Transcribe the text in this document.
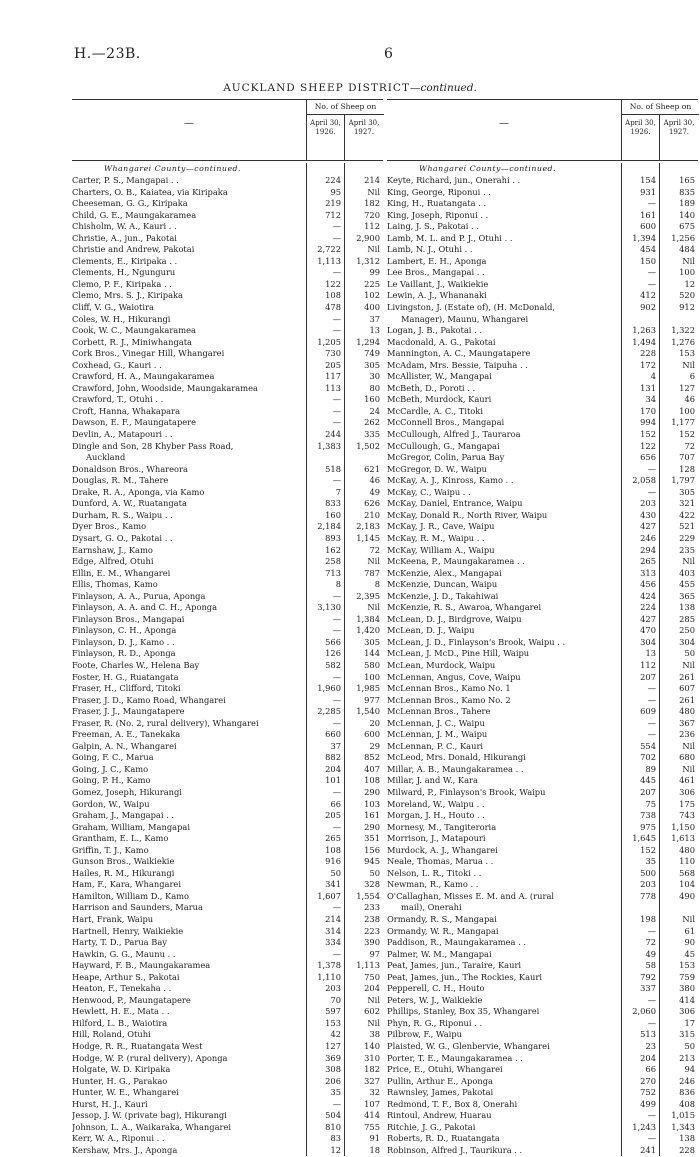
H.—23B.	6
AUCKLAND SHEEP DISTRICT—continued.
—
No. of Sheep on
April 30,
1926.
April 30,
1927.
Whangarei County—continued.
Carter, P. S., Mangapai . .	224	214
Charters, O. B., Kaiatea, via Kiripaka	95	Nil
Cheeseman, G. G., Kiripaka	219	182
Child, G. E., Maungakaramea	712	720
Chisholm, W. A., Kauri . .	—	112
Christie, A., jun., Pakotai	—	2,900
Christie and Andrew, Pakotai	2,722	Nil
Clements, E., Kiripaka . .	1,113	1,312
Clements, H., Ngunguru	—	99
Clemo, P. F., Kiripaka . .	122	225
Clemo, Mrs. S. J., Kiripaka	108	102
Cliff, V. G., Waiotira	478	400
Coles, W. H., Hikurangi	—	37
Cook, W. C., Maungakaramea	—	13
Corbett, R. J., Miniwhangata	1,205	1,294
Cork Bros., Vinegar Hill, Whangarei	730	749
Coxhead, G., Kauri . .	205	305
Crawford, H. A., Maungakaramea	117	30
Crawford, John, Woodside, Maungakaramea	113	80
Crawford, T., Otuhi . .	—	160
Croft, Hanna, Whakapara	—	24
Dawson, E. F., Maungatapere	—	262
Devlin, A., Matapouri . .	244	335
Dingle and Son, 28 Khyber Pass Road,	1,383	1,502
Auckland
Donaldson Bros., Whareora	518	621
Douglas, R. M., Tahere	—	46
Drake, R. A., Aponga, via Kamo	7	49
Dunford, A. W., Ruatangata	833	626
Durham, R. S., Waipu . .	160	210
Dyer Bros., Kamo	2,184	2,183
Dysart, G. O., Pakotai . .	893	1,145
Earnshaw, J., Kamo	162	72
Edge, Alfred, Otuhi	258	Nil
Ellin, E. M., Whangarei	713	787
Ellis, Thomas, Kamo	8	8
Finlayson, A. A., Purua, Aponga	—	2,395
Finlayson, A. A. and C. H., Aponga	3,130	Nil
Finlayson Bros., Mangapai	—	1,384
Finlayson, C. H., Aponga	—	1,420
Finlayson, D. J., Kamo . .	566	305
Finlayson, R. D., Aponga	126	144
Foote, Charles W., Helena Bay	582	580
Foster, H. G., Ruatangata	—	100
Fraser, H., Clifford, Titoki	1,960	1,985
Fraser, J. D., Kamo Road, Whangarei	—	977
Fraser, J. J., Maungatapere	2,285	1,540
Fraser, R. (No. 2, rural delivery), Whangarei	—	20
Freeman, A. E., Tanekaka	660	600
Galpin, A. N., Whangarei	37	29
Going, F. C., Marua	882	852
Going, J. C., Kamo	204	407
Going, P. H., Kamo	101	108
Gomez, Joseph, Hikurangi	—	290
Gordon, W., Waipu	66	103
Graham, J., Mangapai . .	205	161
Graham, William, Mangapai	—	290
Grantham, E. L., Kamo	265	351
Griffin, T. J., Kamo	108	156
Gunson Bros., Waikiekie	916	945
Hailes, R. M., Hikurangi	50	50
Ham, F., Kara, Whangarei	341	328
Hamilton, William D., Kamo	1,607	1,554
Harrison and Saunders, Marua	—	233
Hart, Frank, Waipu	214	238
Hartnell, Henry, Waikiekie	314	223
Harty, T. D., Parua Bay	334	390
Hawkin, G. G., Maunu . .	—	97
Hayward, F. B., Maungakaramea	1,378	1,113
Heape, Arthur S., Pakotai	1,110	750
Heaton, F., Tenekaha . .	203	204
Henwood, P., Maungatapere	70	Nil
Hewlett, H. E., Mata . .	597	602
Hilford, L. B., Waiotira	153	Nil
Hill, Roland, Otuhi	42	38
Hodge, R. R., Ruatangata West	127	140
Hodge, W. P. (rural delivery), Aponga	369	310
Holgate, W. D. Kiripaka	308	182
Hunter, H. G., Parakao	206	327
Hunter, W. E., Whangarei	35	32
Hurst, H. J., Kauri	—	107
Jessop, J. W. (private bag), Hikurangi	504	414
Johnson, L. A., Waikaraka, Whangarei	810	755
Kerr, W. A., Riponui . .	83	91
Kershaw, Mrs. J., Aponga	12	18
—
No. of Sheep on
April 30,
1926.
April 30,
1927.
Whangarei County—continued.
Keyte, Richard, jun., Onerahi . .	154	165
King, George, Riponui . .	931	835
King, H., Ruatangata . .	—	189
King, Joseph, Riponui . .	161	140
Laing, J. S., Pakotai . .	600	675
Lamb, M. L. and P. J., Otuhi . .	1,394	1,256
Lamb, N. J., Otuhi . .	454	484
Lambert, E. H., Aponga	150	Nil
Lee Bros., Mangapai . .	—	100
Le Vaillant, J., Waikiekie	—	12
Lewin, A. J., Whananaki	412	520
Livingston, J. (Estate of), (H. McDonald,	902	912
Manager), Maunu, Whangarei
Logan, J. B., Pakotai . .	1,263	1,322
Macdonald, A. G., Pakotai	1,494	1,276
Mannington, A. C., Maungatapere	228	153
McAdam, Mrs. Bessie, Taipuha . .	172	Nil
McAllister, W., Mangapai	4	6
McBeth, D., Poroti . .	131	127
McBeth, Murdock, Kauri	34	46
McCardle, A. C., Titoki	170	100
McConnell Bros., Mangapai	994	1,177
McCullough, Alfred J., Tauraroa	152	152
McCullough, G., Mangapai	122	72
McGregor, Colin, Parua Bay	656	707
McGregor, D. W., Waipu	—	128
McKay, A. J., Kinross, Kamo . .	2,058	1,797
McKay, C., Waipu . .	—	305
McKay, Daniel, Entrance, Waipu	203	321
McKay, Donald R., North River, Waipu	430	422
McKay, J. R., Cave, Waipu	427	521
McKay, R. M., Waipu . .	246	229
McKay, William A., Waipu	294	235
McKeena, P., Maungakaramea . .	265	Nil
McKenzie, Alex., Mangapai	313	403
McKenzie, Duncan, Waipu	456	455
McKenzie, J. D., Takahiwai	424	365
McKenzie, R. S., Awaroa, Whangarei	224	138
McLean, D. J., Birdgrove, Waipu	427	285
McLean, D. J., Waipu	470	250
McLean, J. D., Finlayson's Brook, Waipu . .	304	304
McLean, J. McD., Pine Hill, Waipu	13	50
McLean, Murdock, Waipu	112	Nil
McLennan, Angus, Cove, Waipu	207	261
McLennan Bros., Kamo No. 1	—	607
McLennan Bros., Kamo No. 2	—	261
McLennan Bros., Tahere	609	480
McLennan, J. C., Waipu	—	367
McLennan, J. M., Waipu	—	236
McLennan, P. C., Kauri	554	Nil
McLeod, Mrs. Donald, Hikurangi	702	680
Millar, A. B., Maungakaramea . .	89	Nil
Millar, J. and W., Kara	445	461
Milward, P., Finlayson's Brook, Waipu	207	306
Moreland, W., Waipu . .	75	175
Morgan, J. H., Houto . .	738	743
Mornesy, M., Tangiteroria	975	1,150
Morrison, J., Matapouri	1,645	1,613
Murdock, A. J., Whangarei	152	480
Neale, Thomas, Marua . .	35	110
Nelson, L. R., Titoki . .	500	568
Newman, R., Kamo . .	203	104
O'Callaghan, Misses E. M. and A. (rural	778	490
mail), Onerahi
Ormandy, R. S., Mangapai	198	Nil
Ormandy, W. R., Mangapai	—	61
Paddison, R., Maungakaramea . .	72	90
Palmer, W. M., Mangapai	49	45
Peat, James, jun., Taraire, Kauri	58	153
Peat, James, jun., The Rockies, Kauri	792	759
Pepperell, C. H., Houto	337	380
Peters, W. J., Waikiekie	—	414
Phillips, Stanley, Box 35, Whangarei	2,060	306
Phyn, R. G., Riponui . .	—	17
Pilbrow, F., Waipu	513	315
Plaisted, W. G., Glenbervie, Whangarei	23	50
Porter, T. E., Maungakaramea . .	204	213
Price, E., Otuhi, Whangarei	66	94
Pullin, Arthur E., Aponga	270	246
Rawnsley, James, Pakotai	752	836
Redmond, T. F., Box 8, Onerahi	499	408
Rintoul, Andrew, Huarau	—	1,015
Ritchie, J. G., Pakotai	1,243	1,343
Roberts, R. D., Ruatangata	—	138
Robinson, Alfred J., Taurikura . .	241	228
